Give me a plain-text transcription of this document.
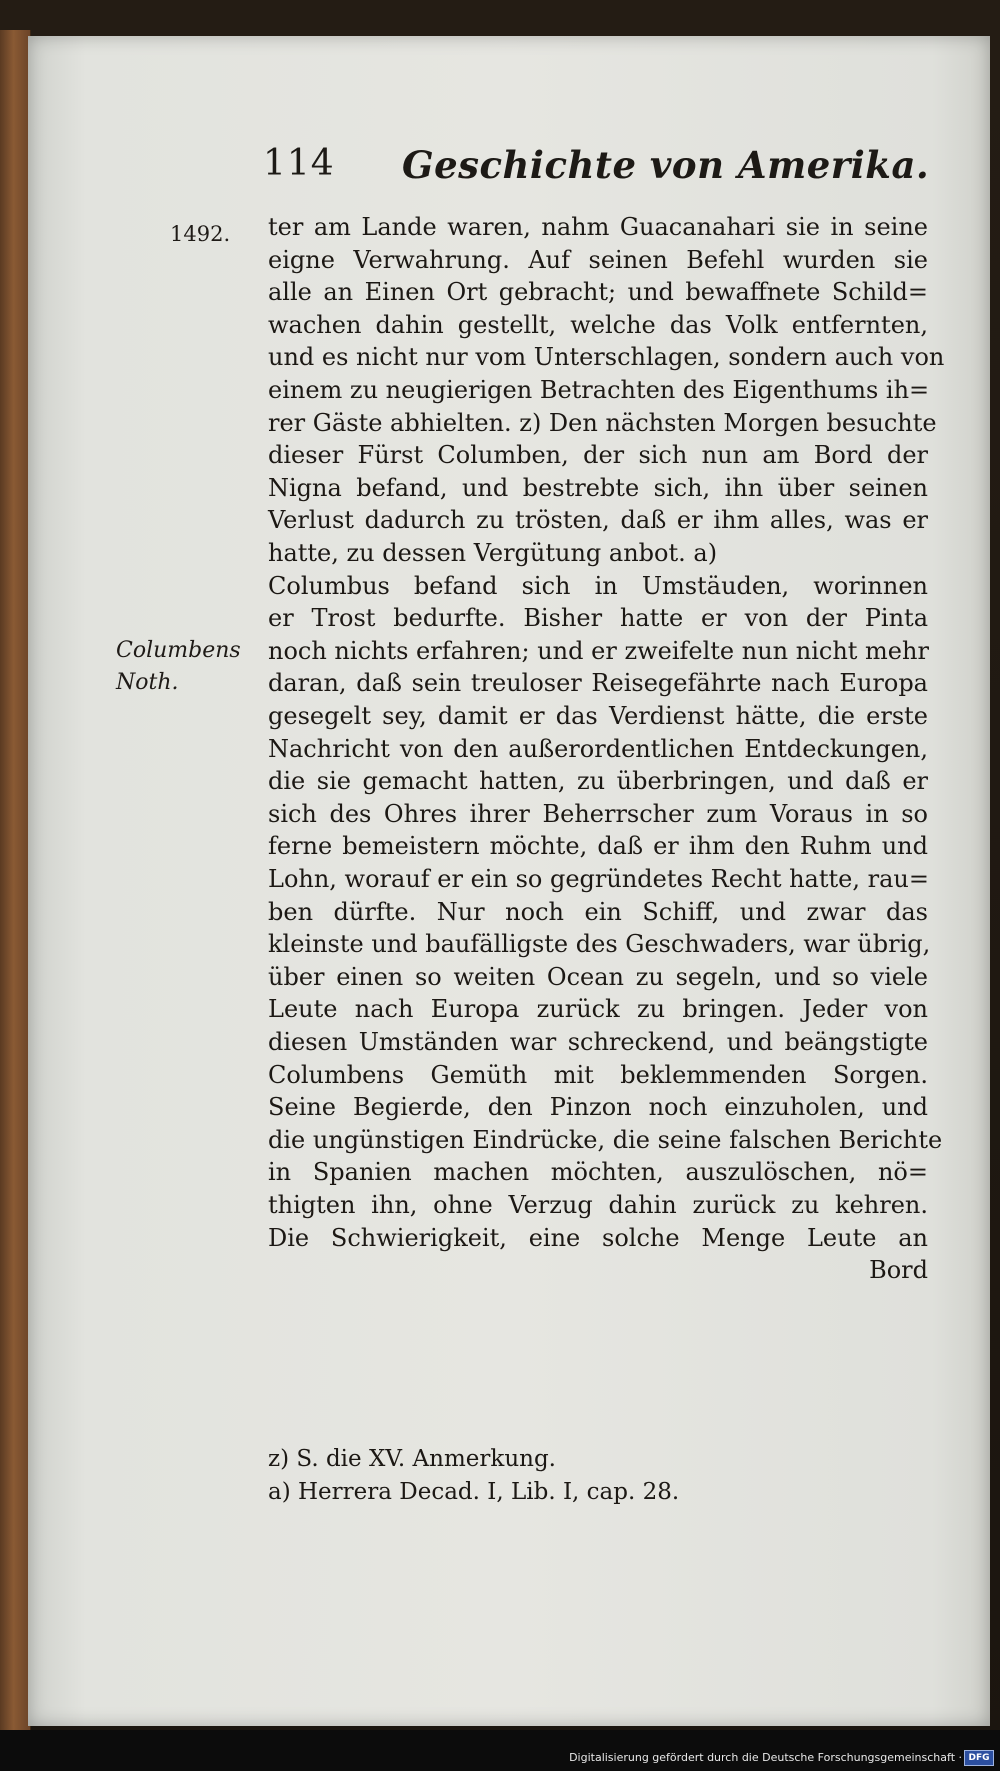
114 Geschichte von Amerika.
1492.
Columbens
Noth.
ter am Lande waren, nahm Guacanahari sie in seine
eigne Verwahrung. Auf seinen Befehl wurden sie
alle an Einen Ort gebracht; und bewaffnete Schild=
wachen dahin gestellt, welche das Volk entfernten,
und es nicht nur vom Unterschlagen, sondern auch von
einem zu neugierigen Betrachten des Eigenthums ih=
rer Gäste abhielten. z) Den nächsten Morgen besuchte
dieser Fürst Columben, der sich nun am Bord der
Nigna befand, und bestrebte sich, ihn über seinen
Verlust dadurch zu trösten, daß er ihm alles, was er
hatte, zu dessen Vergütung anbot. a)
Columbus befand sich in Umstäuden, worinnen
er Trost bedurfte. Bisher hatte er von der Pinta
noch nichts erfahren; und er zweifelte nun nicht mehr
daran, daß sein treuloser Reisegefährte nach Europa
gesegelt sey, damit er das Verdienst hätte, die erste
Nachricht von den außerordentlichen Entdeckungen,
die sie gemacht hatten, zu überbringen, und daß er
sich des Ohres ihrer Beherrscher zum Voraus in so
ferne bemeistern möchte, daß er ihm den Ruhm und
Lohn, worauf er ein so gegründetes Recht hatte, rau=
ben dürfte. Nur noch ein Schiff, und zwar das
kleinste und baufälligste des Geschwaders, war übrig,
über einen so weiten Ocean zu segeln, und so viele
Leute nach Europa zurück zu bringen. Jeder von
diesen Umständen war schreckend, und beängstigte
Columbens Gemüth mit beklemmenden Sorgen.
Seine Begierde, den Pinzon noch einzuholen, und
die ungünstigen Eindrücke, die seine falschen Berichte
in Spanien machen möchten, auszulöschen, nö=
thigten ihn, ohne Verzug dahin zurück zu kehren.
Die Schwierigkeit, eine solche Menge Leute an
Bord
z) S. die XV. Anmerkung.
a) Herrera Decad. I, Lib. I, cap. 28.
Digitalisierung gefördert durch die Deutsche Forschungsgemeinschaft · DFG
